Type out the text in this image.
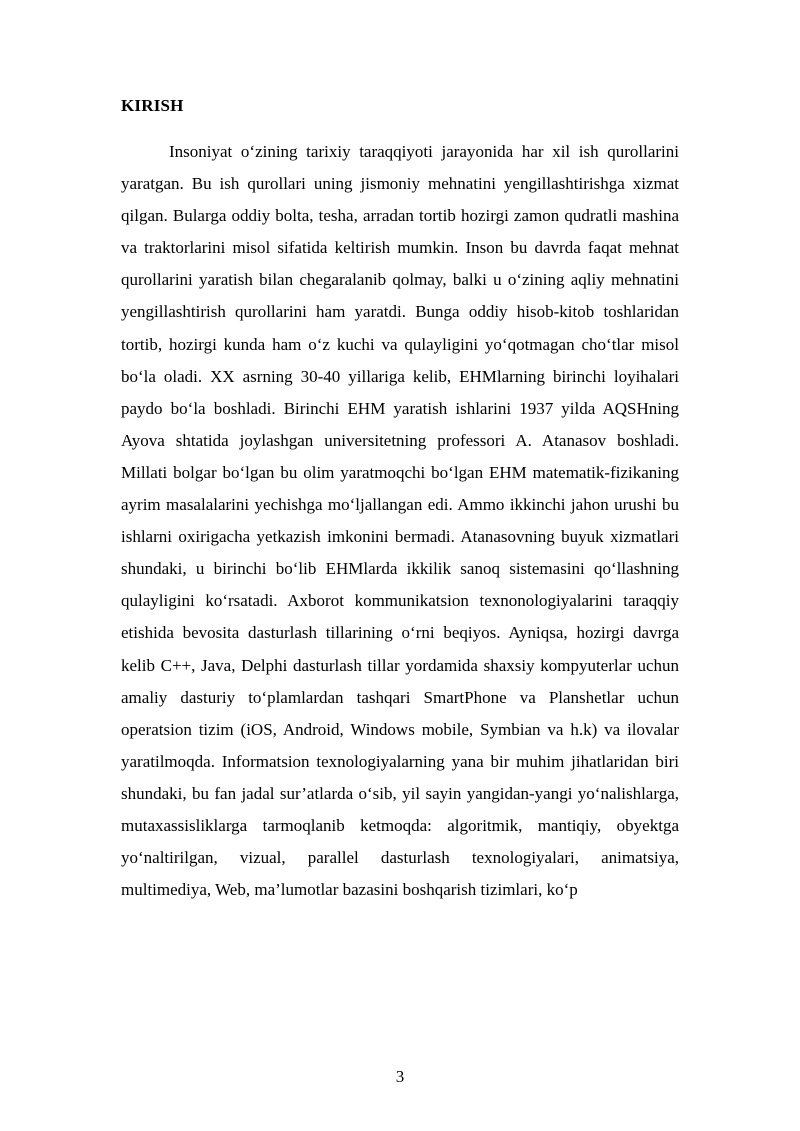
KIRISH

Insoniyat o‘zining tarixiy taraqqiyoti jarayonida har xil ish qurollarini yaratgan. Bu ish qurollari uning jismoniy mehnatini yengillashtirishga xizmat qilgan. Bularga oddiy bolta, tesha, arradan tortib hozirgi zamon qudratli mashina va traktorlarini misol sifatida keltirish mumkin. Inson bu davrda faqat mehnat qurollarini yaratish bilan chegaralanib qolmay, balki u o‘zining aqliy mehnatini yengillashtirish qurollarini ham yaratdi. Bunga oddiy hisob-kitob toshlaridan tortib, hozirgi kunda ham o‘z kuchi va qulayligini yo‘qotmagan cho‘tlar misol bo‘la oladi. XX asrning 30-40 yillariga kelib, EHMlarning birinchi loyihalari paydo bo‘la boshladi. Birinchi EHM yaratish ishlarini 1937 yilda AQSHning Ayova shtatida joylashgan universitetning professori A. Atanasov boshladi. Millati bolgar bo‘lgan bu olim yaratmoqchi bo‘lgan EHM matematik-fizikaning ayrim masalalarini yechishga mo‘ljallangan edi. Ammo ikkinchi jahon urushi bu ishlarni oxirigacha yetkazish imkonini bermadi. Atanasovning buyuk xizmatlari shundaki, u birinchi bo‘lib EHMlarda ikkilik sanoq sistemasini qo‘llashning qulayligini ko‘rsatadi. Axborot kommunikatsion texnonologiyalarini taraqqiy etishida bevosita dasturlash tillarining o‘rni beqiyos. Ayniqsa, hozirgi davrga kelib C++, Java, Delphi dasturlash tillar yordamida shaxsiy kompyuterlar uchun amaliy dasturiy to‘plamlardan tashqari SmartPhone va Planshetlar uchun operatsion tizim (iOS, Android, Windows mobile, Symbian va h.k) va ilovalar yaratilmoqda. Informatsion texnologiyalarning yana bir muhim jihatlaridan biri shundaki, bu fan jadal sur’atlarda o‘sib, yil sayin yangidan-yangi yo‘nalishlarga, mutaxassisliklarga tarmoqlanib ketmoqda: algoritmik, mantiqiy, obyektga yo‘naltirilgan, vizual, parallel dasturlash texnologiyalari, animatsiya, multimediya, Web, ma’lumotlar bazasini boshqarish tizimlari, ko‘p

3
